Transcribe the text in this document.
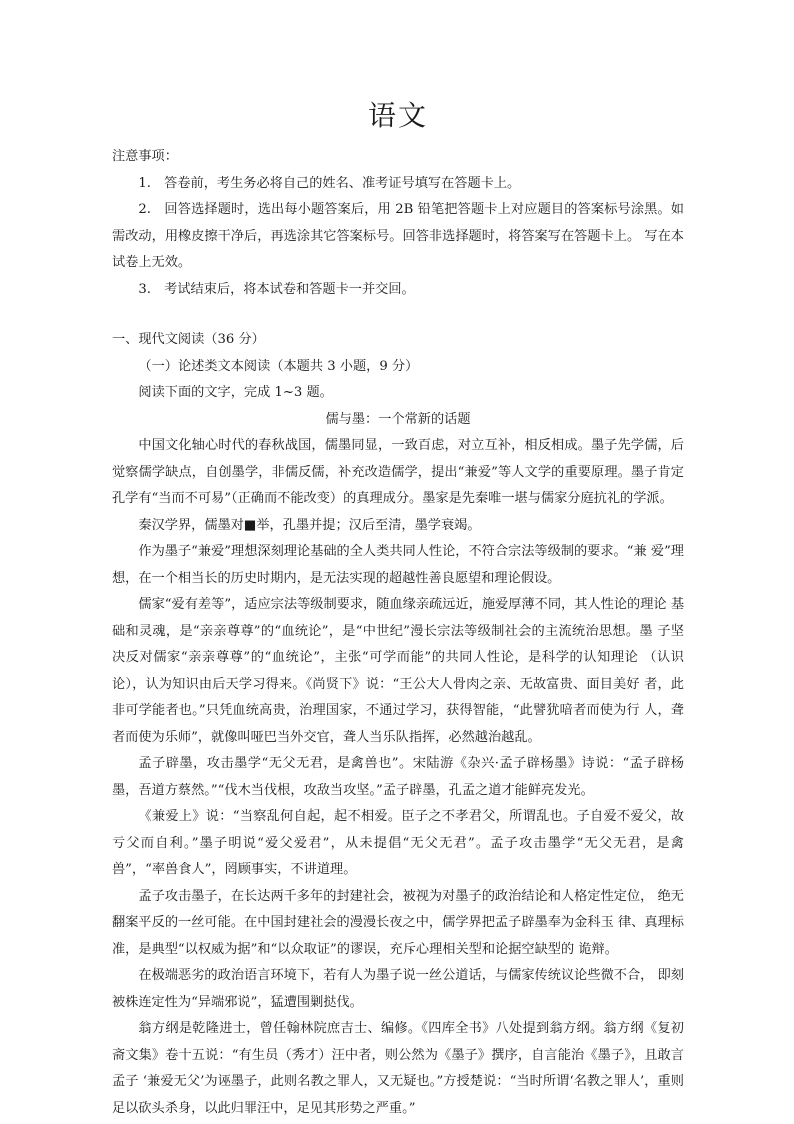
语文

注意事项：

1.　答卷前，考生务必将自己的姓名、准考证号填写在答题卡上。

2.　回答选择题时，选出每小题答案后，用 2B 铅笔把答题卡上对应题目的答案标号涂黑。如需改动，用橡皮擦干净后，再选涂其它答案标号。回答非选择题时，将答案写在答题卡上。 写在本试卷上无效。

3.　考试结束后，将本试卷和答题卡一并交回。

一、现代文阅读（36 分）

（一）论述类文本阅读（本题共 3 小题，9 分）

阅读下面的文字，完成 1~3 题。

儒与墨：一个常新的话题

中国文化轴心时代的春秋战国，儒墨同显，一致百虑，对立互补，相反相成。墨子先学儒，后 觉察儒学缺点，自创墨学，非儒反儒，补充改造儒学，提出“兼爱”等人文学的重要原理。墨子肯定 孔学有“当而不可易”（正确而不能改变）的真理成分。墨家是先秦唯一堪与儒家分庭抗礼的学派。

秦汉学界，儒墨对■举，孔墨并提；汉后至清，墨学衰竭。

作为墨子“兼爱”理想深刻理论基础的全人类共同人性论，不符合宗法等级制的要求。“兼 爱”理想，在一个相当长的历史时期内，是无法实现的超越性善良愿望和理论假设。

儒家“爱有差等”，适应宗法等级制要求，随血缘亲疏远近，施爱厚薄不同，其人性论的理论 基础和灵魂，是“亲亲尊尊”的“血统论”，是“中世纪”漫长宗法等级制社会的主流统治思想。墨 子坚决反对儒家“亲亲尊尊”的“血统论”，主张“可学而能”的共同人性论，是科学的认知理论 （认识论），认为知识由后天学习得来。《尚贤下》说：“王公大人骨肉之亲、无故富贵、面目美好 者，此非可学能者也。”只凭血统高贵，治理国家，不通过学习，获得智能，“此譬犹喑者而使为行 人，聋者而使为乐师”，就像叫哑巴当外交官，聋人当乐队指挥，必然越治越乱。

孟子辟墨，攻击墨学“无父无君，是禽兽也”。宋陆游《杂兴·孟子辟杨墨》诗说：“孟子辟杨 墨，吾道方蔡然。”“伐木当伐根，攻敌当攻坚。”孟子辟墨，孔孟之道才能鲜亮发光。

《兼爱上》说：“当察乱何自起，起不相爱。臣子之不孝君父，所谓乱也。子自爱不爱父，故 亏父而自利。”墨子明说“爱父爱君”，从未提倡“无父无君”。孟子攻击墨学“无父无君，是禽 兽”，“率兽食人”，罔顾事实，不讲道理。

孟子攻击墨子，在长达两千多年的封建社会，被视为对墨子的政治结论和人格定性定位， 绝无翻案平反的一丝可能。在中国封建社会的漫漫长夜之中，儒学界把孟子辟墨奉为金科玉 律、真理标准，是典型“以权威为据”和“以众取证”的谬误，充斥心理相关型和论据空缺型的 诡辩。

在极端恶劣的政治语言环境下，若有人为墨子说一丝公道话，与儒家传统议论些微不合， 即刻被株连定性为“异端邪说”，猛遭围剿挞伐。

翁方纲是乾隆进士，曾任翰林院庶吉士、编修。《四库全书》八处提到翁方纲。翁方纲《复初 斋文集》卷十五说：“有生员（秀才）汪中者，则公然为《墨子》撰序，自言能治《墨子》，且敢言孟子 ‘兼爱无父’为诬墨子，此则名教之罪人，又无疑也。”方授楚说：“当时所谓‘名教之罪人’，重则 足以砍头杀身，以此归罪汪中，足见其形势之严重。”
